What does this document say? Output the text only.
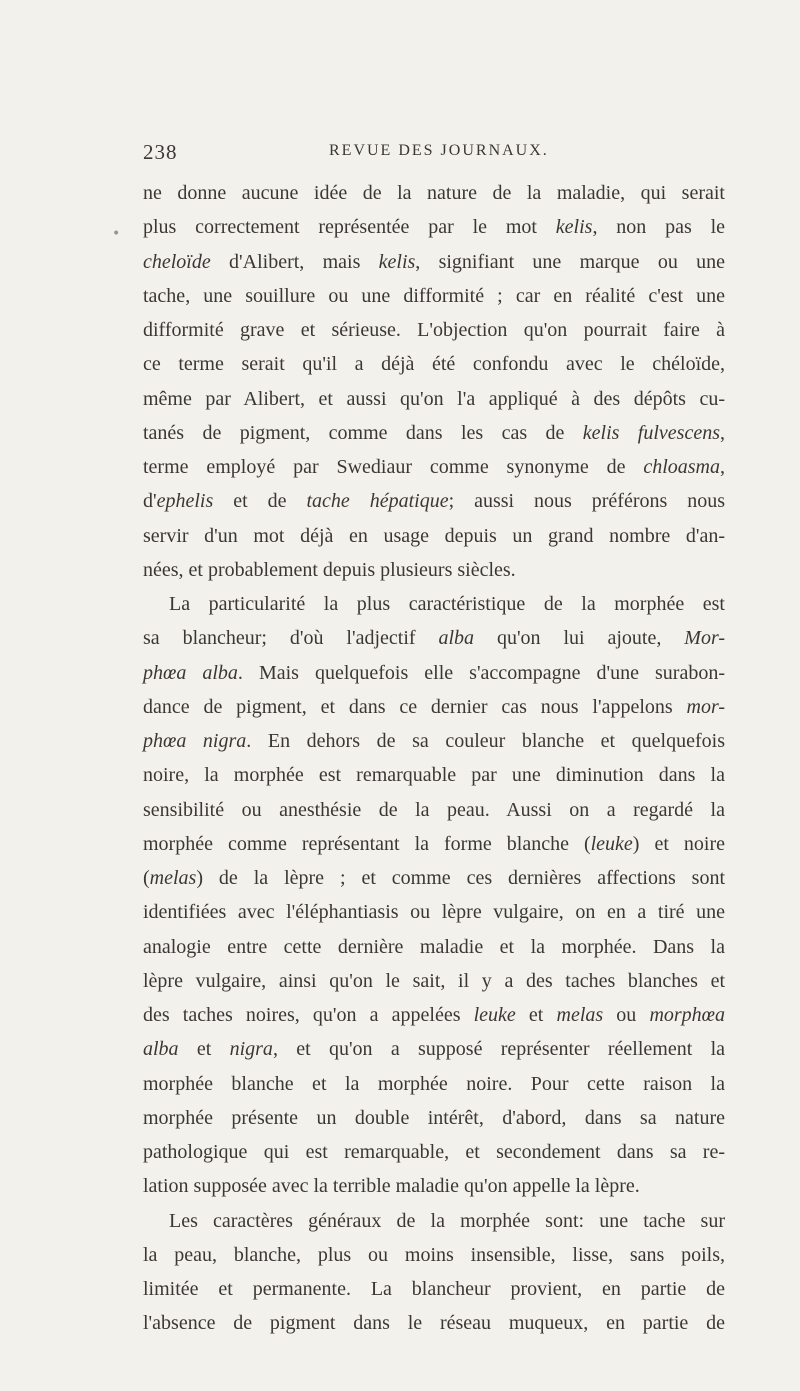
•
238	REVUE DES JOURNAUX.
ne donne aucune idée de la nature de la maladie, qui serait
plus correctement représentée par le mot kelis, non pas le
cheloïde d'Alibert, mais kelis, signifiant une marque ou une
tache, une souillure ou une difformité ; car en réalité c'est une
difformité grave et sérieuse. L'objection qu'on pourrait faire à
ce terme serait qu'il a déjà été confondu avec le chéloïde,
même par Alibert, et aussi qu'on l'a appliqué à des dépôts cu-
tanés de pigment, comme dans les cas de kelis fulvescens,
terme employé par Swediaur comme synonyme de chloasma,
d'ephelis et de tache hépatique; aussi nous préférons nous
servir d'un mot déjà en usage depuis un grand nombre d'an-
nées, et probablement depuis plusieurs siècles.
La particularité la plus caractéristique de la morphée est
sa blancheur; d'où l'adjectif alba qu'on lui ajoute, Mor-
phœa alba. Mais quelquefois elle s'accompagne d'une surabon-
dance de pigment, et dans ce dernier cas nous l'appelons mor-
phœa nigra. En dehors de sa couleur blanche et quelquefois
noire, la morphée est remarquable par une diminution dans la
sensibilité ou anesthésie de la peau. Aussi on a regardé la
morphée comme représentant la forme blanche (leuke) et noire
(melas) de la lèpre ; et comme ces dernières affections sont
identifiées avec l'éléphantiasis ou lèpre vulgaire, on en a tiré une
analogie entre cette dernière maladie et la morphée. Dans la
lèpre vulgaire, ainsi qu'on le sait, il y a des taches blanches et
des taches noires, qu'on a appelées leuke et melas ou morphœa
alba et nigra, et qu'on a supposé représenter réellement la
morphée blanche et la morphée noire. Pour cette raison la
morphée présente un double intérêt, d'abord, dans sa nature
pathologique qui est remarquable, et secondement dans sa re-
lation supposée avec la terrible maladie qu'on appelle la lèpre.
Les caractères généraux de la morphée sont: une tache sur
la peau, blanche, plus ou moins insensible, lisse, sans poils,
limitée et permanente. La blancheur provient, en partie de
l'absence de pigment dans le réseau muqueux, en partie de
